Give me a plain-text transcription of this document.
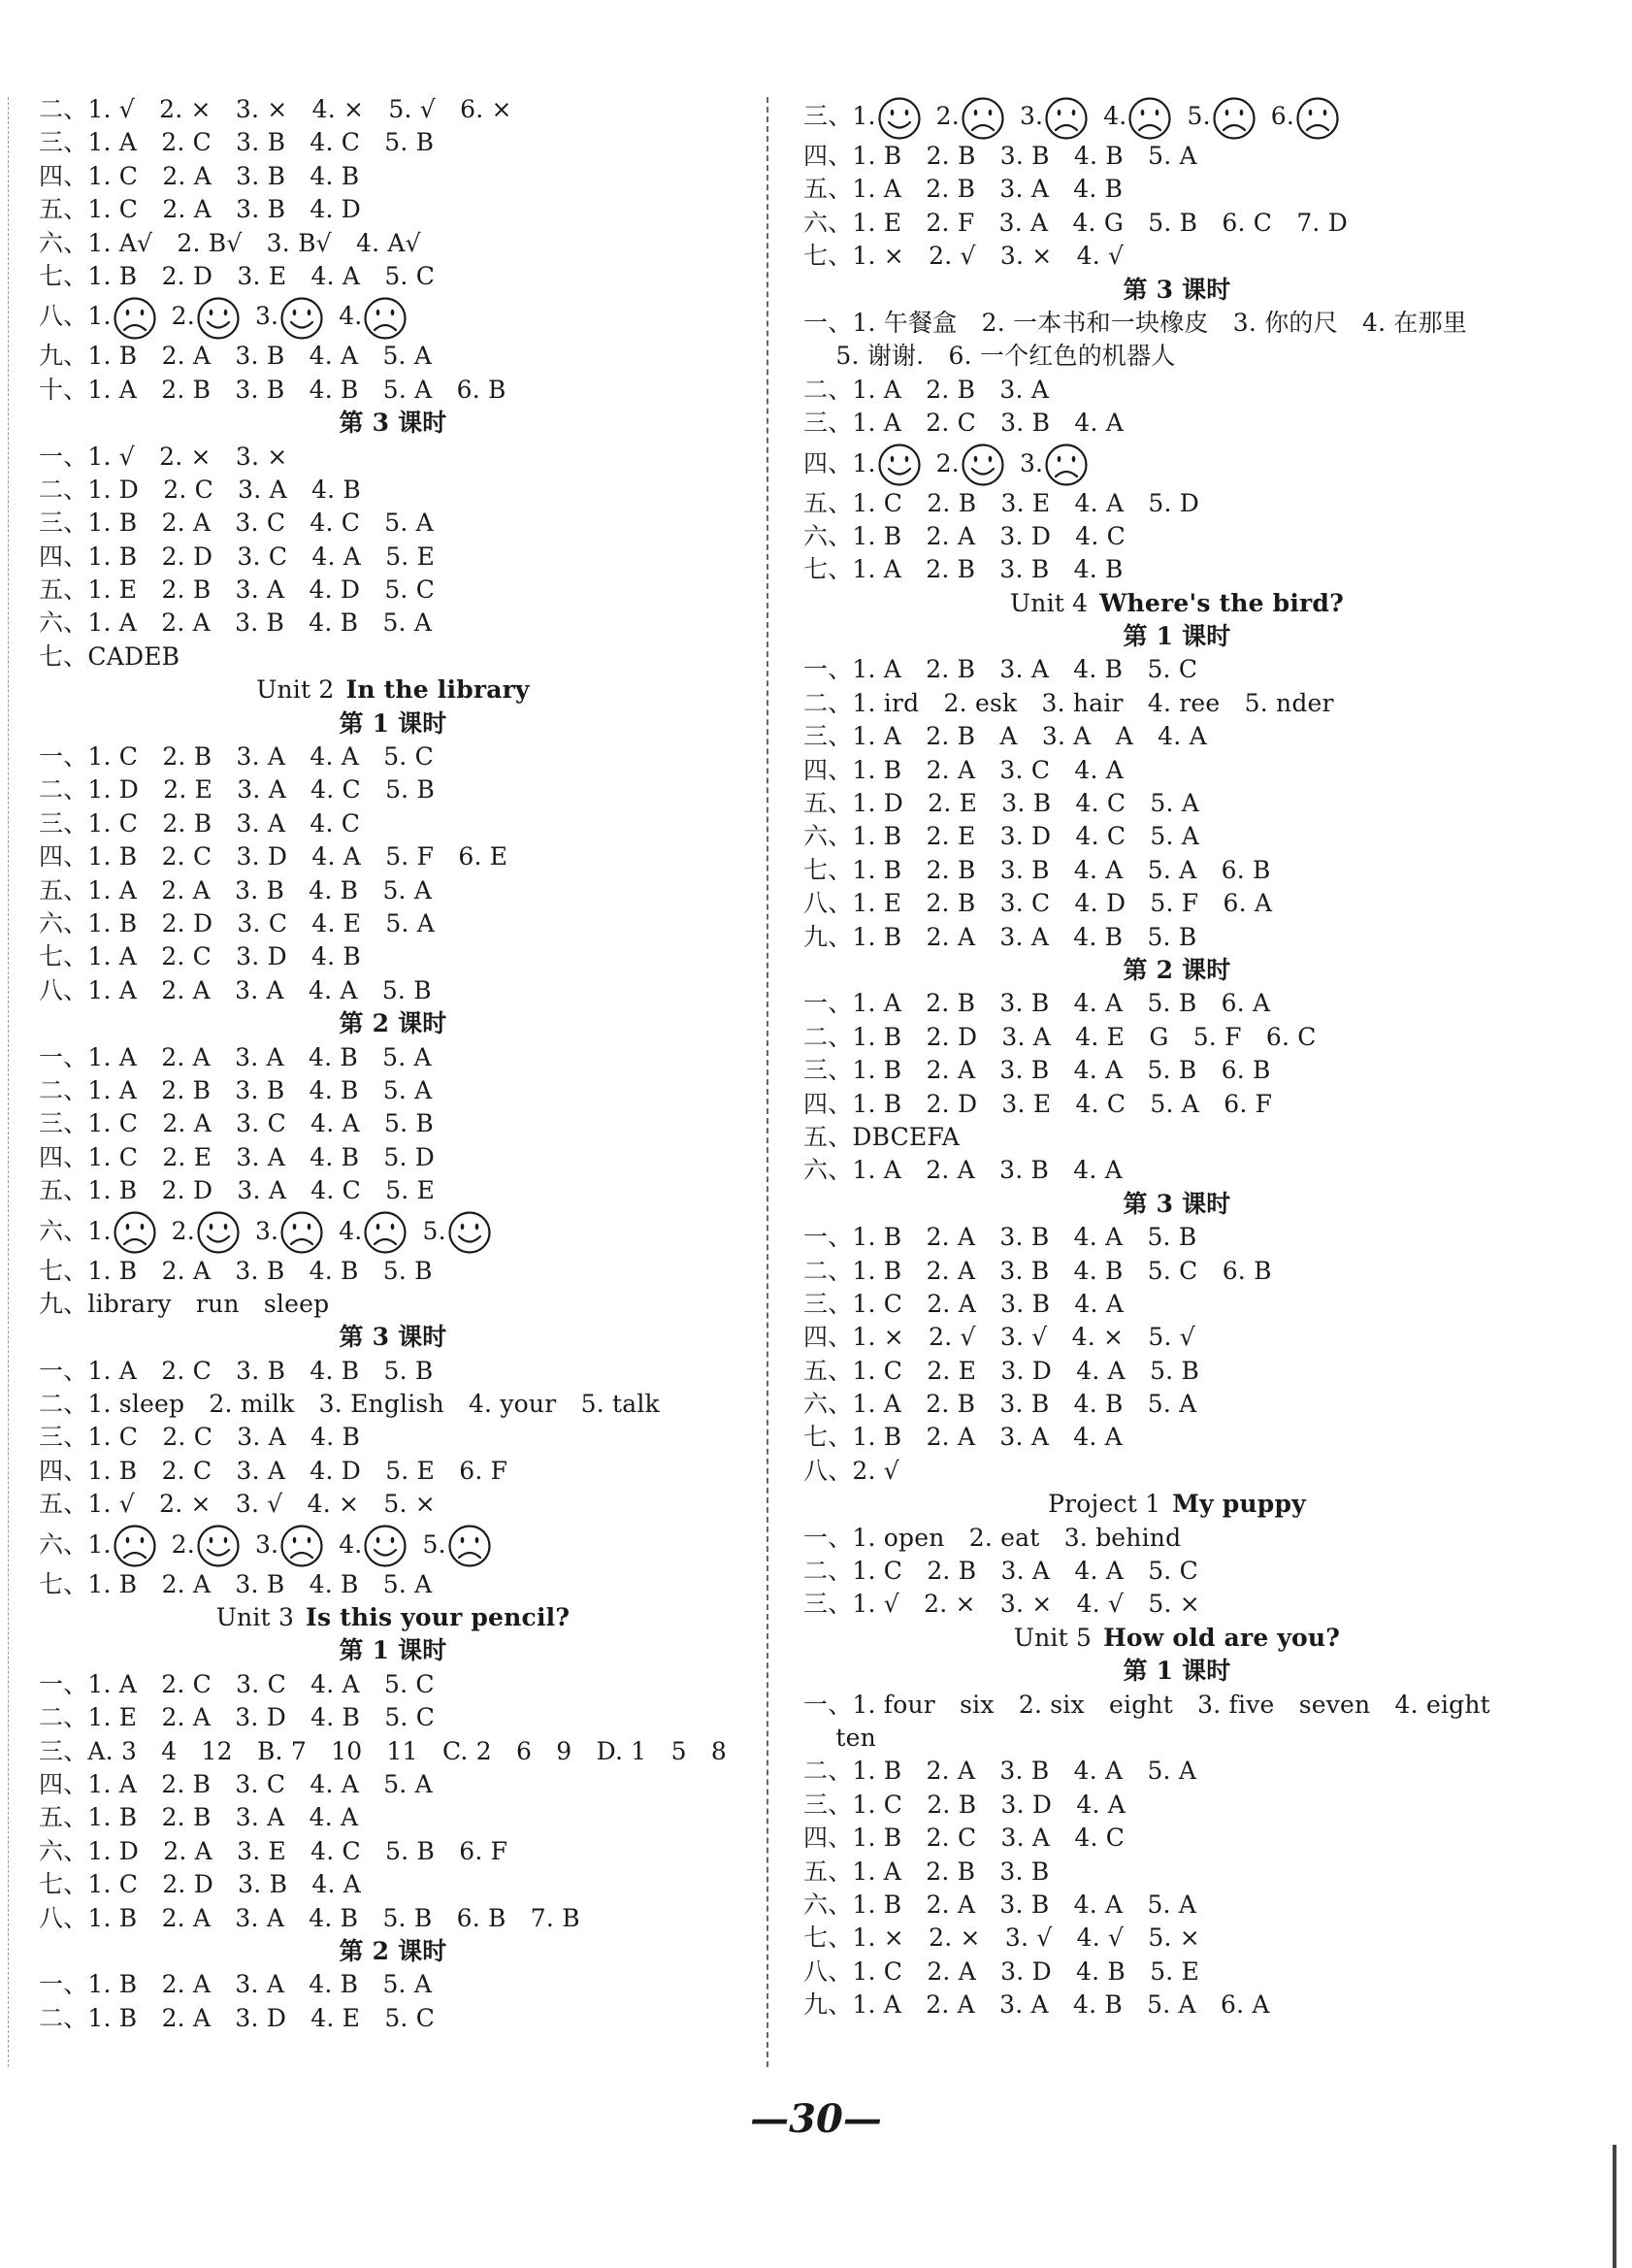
二、1. √　2. ×　3. ×　4. ×　5. √　6. ×
三、1. A　2. C　3. B　4. C　5. B
四、1. C　2. A　3. B　4. B
五、1. C　2. A　3. B　4. D
六、1. A√　2. B√　3. B√　4. A√
七、1. B　2. D　3. E　4. A　5. C
八、1. 2. 3. 4.
九、1. B　2. A　3. B　4. A　5. A
十、1. A　2. B　3. B　4. B　5. A　6. B
第 3 课时
一、1. √　2. ×　3. ×
二、1. D　2. C　3. A　4. B
三、1. B　2. A　3. C　4. C　5. A
四、1. B　2. D　3. C　4. A　5. E
五、1. E　2. B　3. A　4. D　5. C
六、1. A　2. A　3. B　4. B　5. A
七、CADEB
Unit 2 In the library
第 1 课时
一、1. C　2. B　3. A　4. A　5. C
二、1. D　2. E　3. A　4. C　5. B
三、1. C　2. B　3. A　4. C
四、1. B　2. C　3. D　4. A　5. F　6. E
五、1. A　2. A　3. B　4. B　5. A
六、1. B　2. D　3. C　4. E　5. A
七、1. A　2. C　3. D　4. B
八、1. A　2. A　3. A　4. A　5. B
第 2 课时
一、1. A　2. A　3. A　4. B　5. A
二、1. A　2. B　3. B　4. B　5. A
三、1. C　2. A　3. C　4. A　5. B
四、1. C　2. E　3. A　4. B　5. D
五、1. B　2. D　3. A　4. C　5. E
六、1. 2. 3. 4. 5.
七、1. B　2. A　3. B　4. B　5. B
九、library　run　sleep
第 3 课时
一、1. A　2. C　3. B　4. B　5. B
二、1. sleep　2. milk　3. English　4. your　5. talk
三、1. C　2. C　3. A　4. B
四、1. B　2. C　3. A　4. D　5. E　6. F
五、1. √　2. ×　3. √　4. ×　5. ×
六、1. 2. 3. 4. 5.
七、1. B　2. A　3. B　4. B　5. A
Unit 3 Is this your pencil?
第 1 课时
一、1. A　2. C　3. C　4. A　5. C
二、1. E　2. A　3. D　4. B　5. C
三、A. 3　4　12　B. 7　10　11　C. 2　6　9　D. 1　5　8
四、1. A　2. B　3. C　4. A　5. A
五、1. B　2. B　3. A　4. A
六、1. D　2. A　3. E　4. C　5. B　6. F
七、1. C　2. D　3. B　4. A
八、1. B　2. A　3. A　4. B　5. B　6. B　7. B
第 2 课时
一、1. B　2. A　3. A　4. B　5. A
二、1. B　2. A　3. D　4. E　5. C
三、1. 2. 3. 4. 5. 6.
四、1. B　2. B　3. B　4. B　5. A
五、1. A　2. B　3. A　4. B
六、1. E　2. F　3. A　4. G　5. B　6. C　7. D
七、1. ×　2. √　3. ×　4. √
第 3 课时
一、1. 午餐盒　2. 一本书和一块橡皮　3. 你的尺　4. 在那里
　 5. 谢谢.　6. 一个红色的机器人
二、1. A　2. B　3. A
三、1. A　2. C　3. B　4. A
四、1. 2. 3.
五、1. C　2. B　3. E　4. A　5. D
六、1. B　2. A　3. D　4. C
七、1. A　2. B　3. B　4. B
Unit 4 Where's the bird?
第 1 课时
一、1. A　2. B　3. A　4. B　5. C
二、1. ird　2. esk　3. hair　4. ree　5. nder
三、1. A　2. B　A　3. A　A　4. A
四、1. B　2. A　3. C　4. A
五、1. D　2. E　3. B　4. C　5. A
六、1. B　2. E　3. D　4. C　5. A
七、1. B　2. B　3. B　4. A　5. A　6. B
八、1. E　2. B　3. C　4. D　5. F　6. A
九、1. B　2. A　3. A　4. B　5. B
第 2 课时
一、1. A　2. B　3. B　4. A　5. B　6. A
二、1. B　2. D　3. A　4. E　G　5. F　6. C
三、1. B　2. A　3. B　4. A　5. B　6. B
四、1. B　2. D　3. E　4. C　5. A　6. F
五、DBCEFA
六、1. A　2. A　3. B　4. A
第 3 课时
一、1. B　2. A　3. B　4. A　5. B
二、1. B　2. A　3. B　4. B　5. C　6. B
三、1. C　2. A　3. B　4. A
四、1. ×　2. √　3. √　4. ×　5. √
五、1. C　2. E　3. D　4. A　5. B
六、1. A　2. B　3. B　4. B　5. A
七、1. B　2. A　3. A　4. A
八、2. √
Project 1 My puppy
一、1. open　2. eat　3. behind
二、1. C　2. B　3. A　4. A　5. C
三、1. √　2. ×　3. ×　4. √　5. ×
Unit 5 How old are you?
第 1 课时
一、1. four　six　2. six　eight　3. five　seven　4. eight
　 ten
二、1. B　2. A　3. B　4. A　5. A
三、1. C　2. B　3. D　4. A
四、1. B　2. C　3. A　4. C
五、1. A　2. B　3. B
六、1. B　2. A　3. B　4. A　5. A
七、1. ×　2. ×　3. √　4. √　5. ×
八、1. C　2. A　3. D　4. B　5. E
九、1. A　2. A　3. A　4. B　5. A　6. A
—30—
